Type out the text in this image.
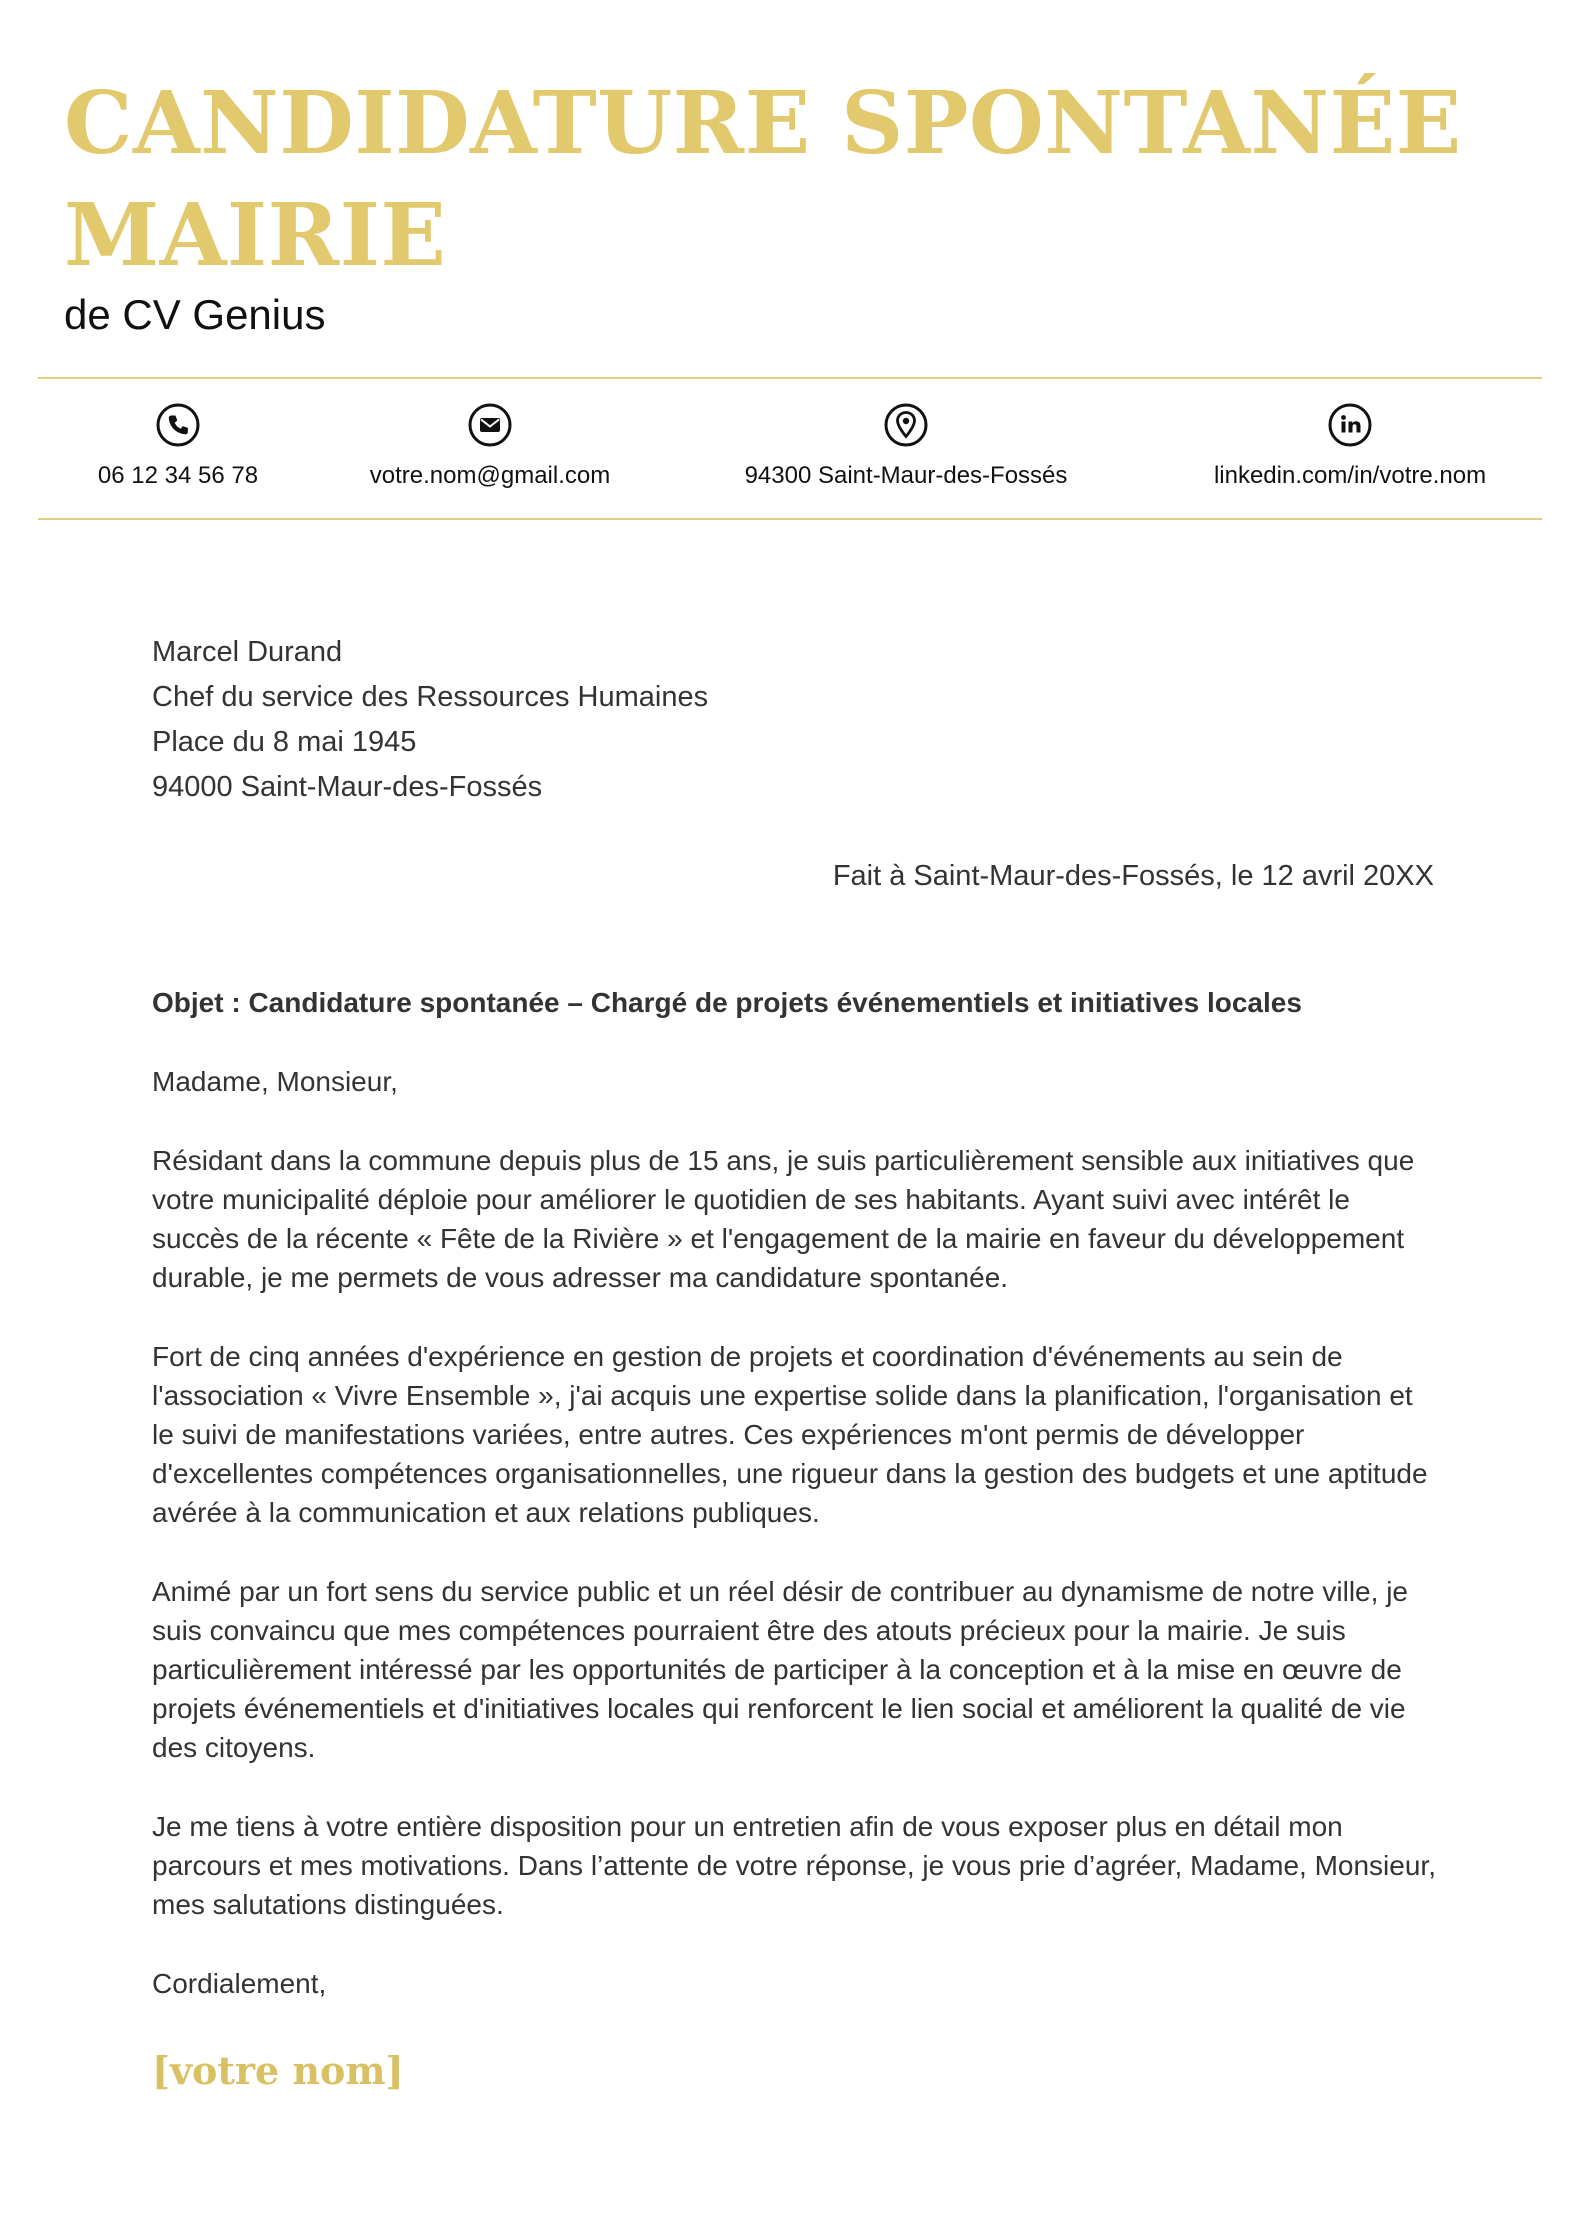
CANDIDATURE SPONTANÉE MAIRIE
de CV Genius
06 12 34 56 78	votre.nom@gmail.com	94300 Saint-Maur-des-Fossés	linkedin.com/in/votre.nom
Marcel Durand
Chef du service des Ressources Humaines
Place du 8 mai 1945
94000 Saint-Maur-des-Fossés
Fait à Saint-Maur-des-Fossés, le 12 avril 20XX

Objet : Candidature spontanée – Chargé de projets événementiels et initiatives locales

Madame, Monsieur,

Résidant dans la commune depuis plus de 15 ans, je suis particulièrement sensible aux initiatives que votre municipalité déploie pour améliorer le quotidien de ses habitants. Ayant suivi avec intérêt le succès de la récente « Fête de la Rivière » et l'engagement de la mairie en faveur du développement durable, je me permets de vous adresser ma candidature spontanée.

Fort de cinq années d'expérience en gestion de projets et coordination d'événements au sein de l'association « Vivre Ensemble », j'ai acquis une expertise solide dans la planification, l'organisation et le suivi de manifestations variées, entre autres. Ces expériences m'ont permis de développer d'excellentes compétences organisationnelles, une rigueur dans la gestion des budgets et une aptitude avérée à la communication et aux relations publiques.

Animé par un fort sens du service public et un réel désir de contribuer au dynamisme de notre ville, je suis convaincu que mes compétences pourraient être des atouts précieux pour la mairie. Je suis particulièrement intéressé par les opportunités de participer à la conception et à la mise en œuvre de projets événementiels et d'initiatives locales qui renforcent le lien social et améliorent la qualité de vie des citoyens.

Je me tiens à votre entière disposition pour un entretien afin de vous exposer plus en détail mon parcours et mes motivations. Dans l’attente de votre réponse, je vous prie d’agréer, Madame, Monsieur, mes salutations distinguées.

Cordialement,

[votre nom]
